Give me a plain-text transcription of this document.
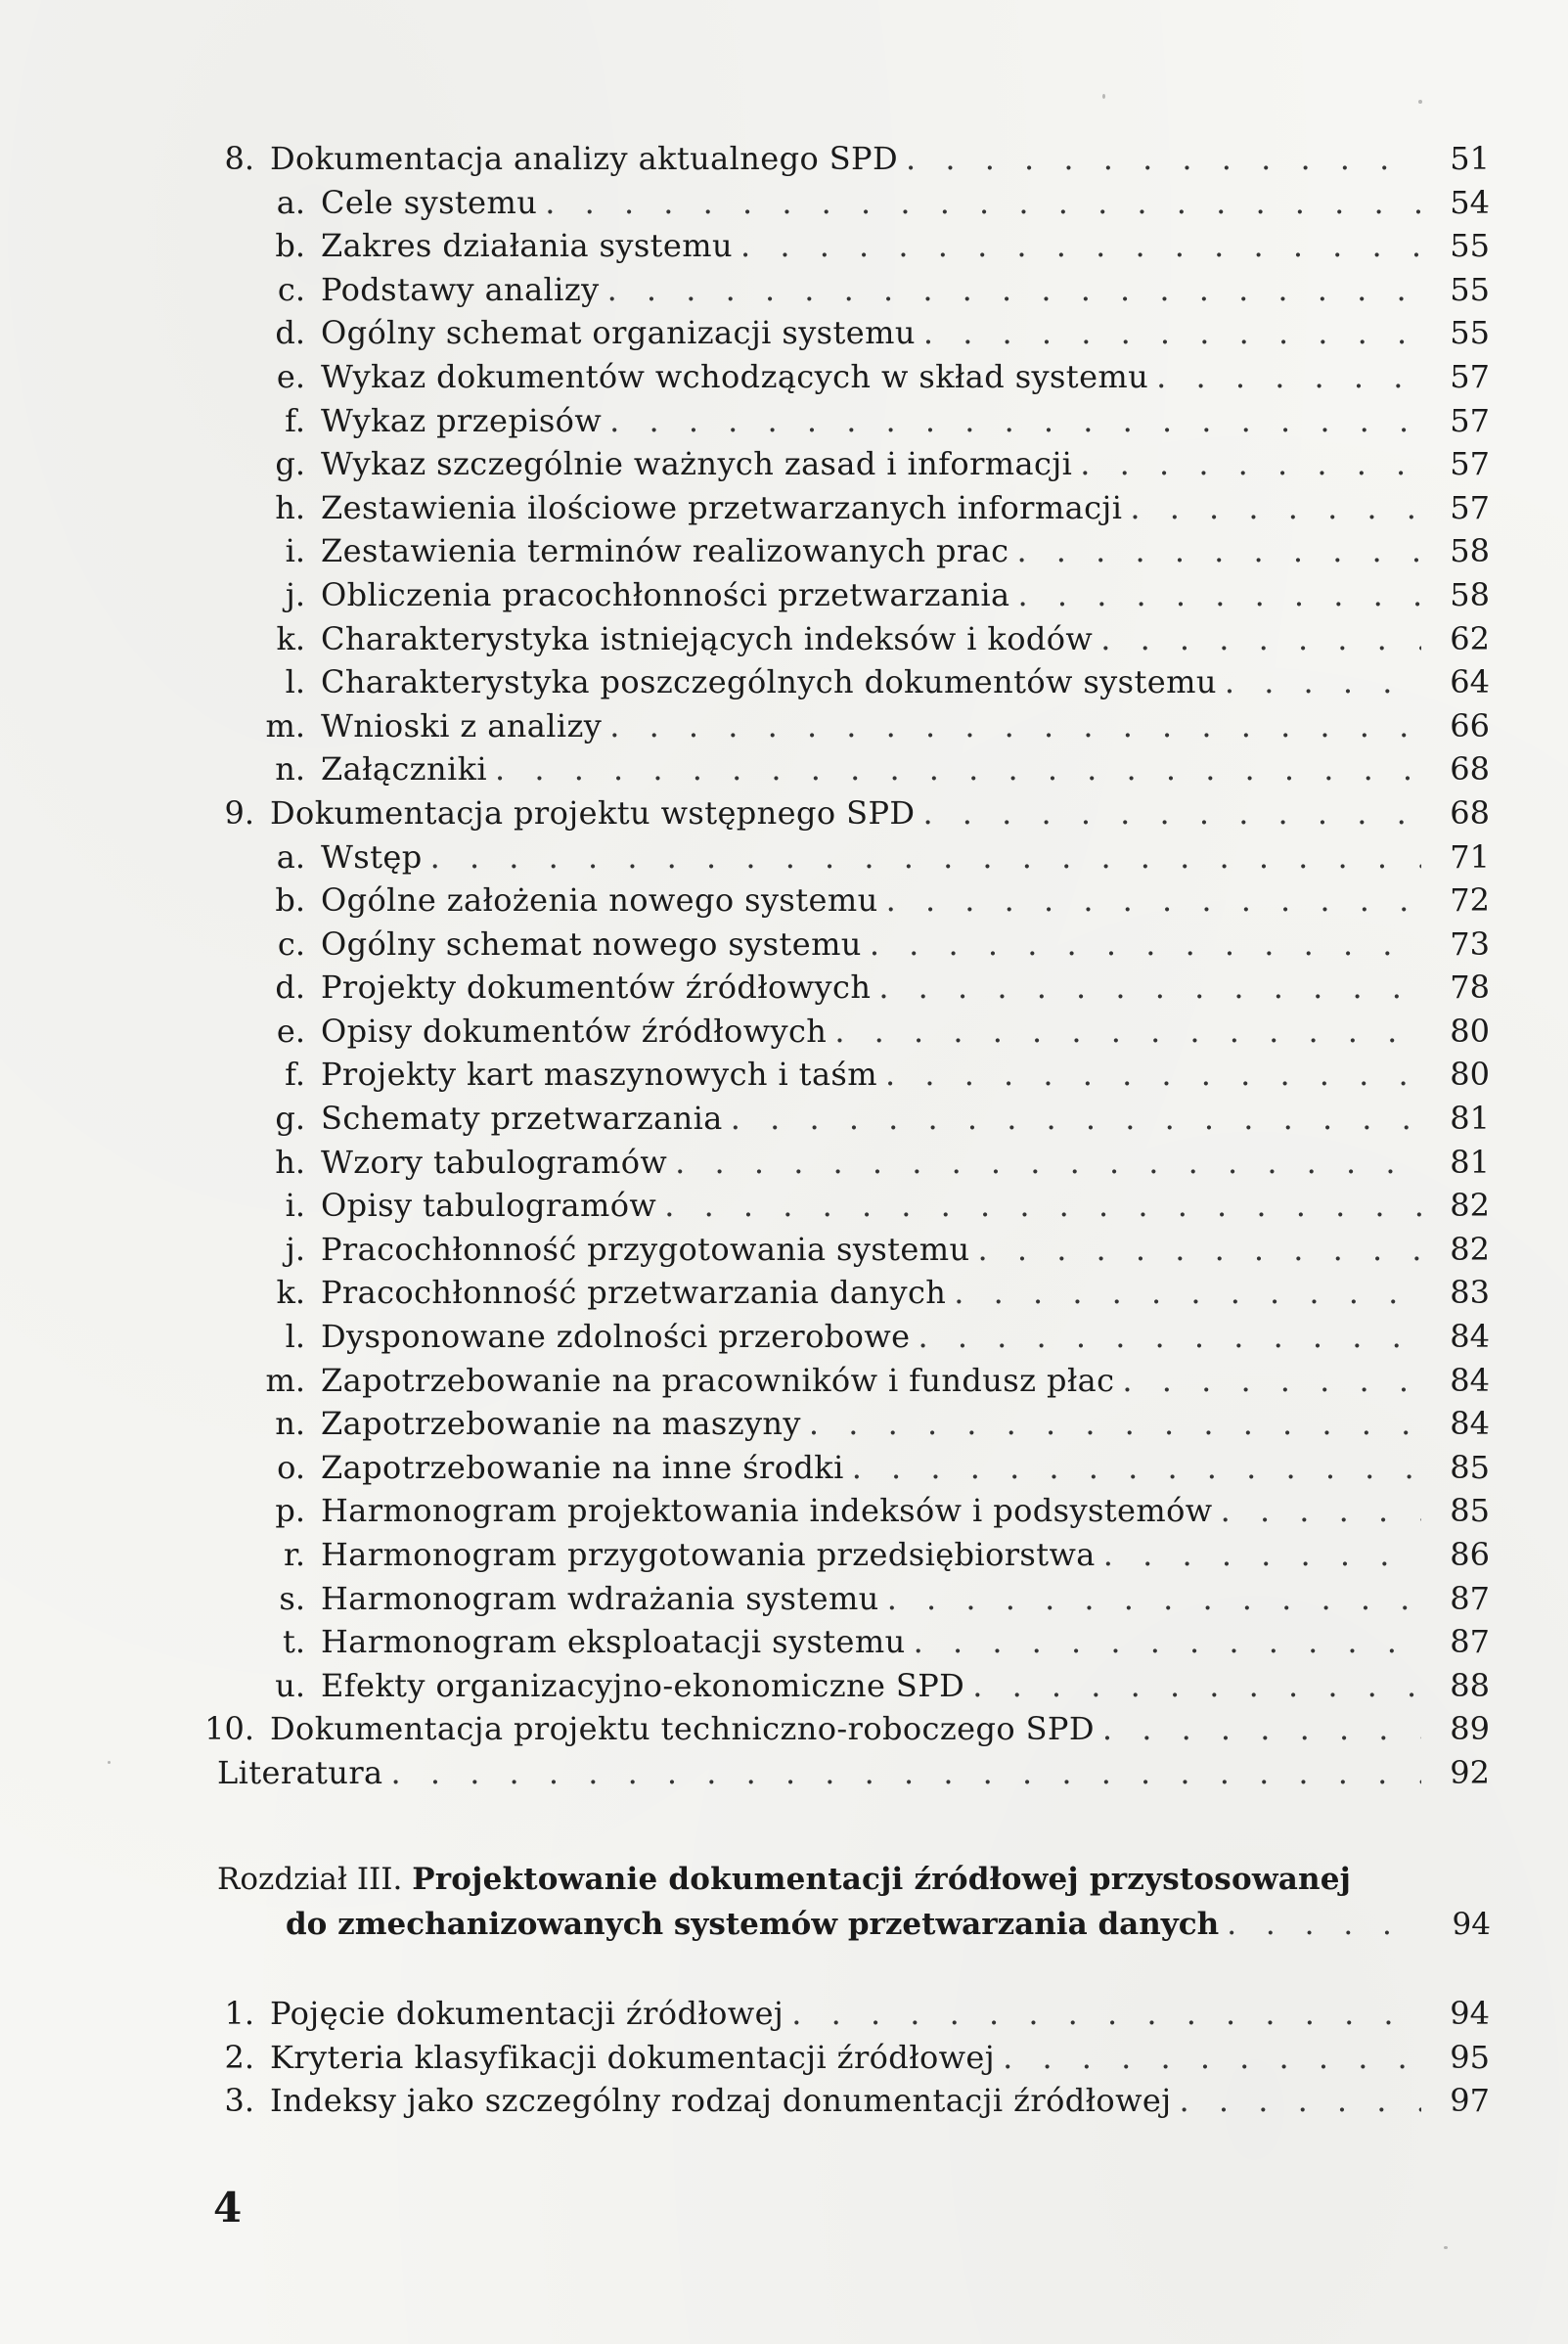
8. Dokumentacja analizy aktualnego SPD . . .	51
a. Cele systemu . . .	54
b. Zakres działania systemu . . .	55
c. Podstawy analizy . . .	55
d. Ogólny schemat organizacji systemu . . .	55
e. Wykaz dokumentów wchodzących w skład systemu . . .	57
f. Wykaz przepisów . . .	57
g. Wykaz szczególnie ważnych zasad i informacji . . .	57
h. Zestawienia ilościowe przetwarzanych informacji . . .	57
i. Zestawienia terminów realizowanych prac . . .	58
j. Obliczenia pracochłonności przetwarzania . . .	58
k. Charakterystyka istniejących indeksów i kodów . . .	62
l. Charakterystyka poszczególnych dokumentów systemu . . .	64
m. Wnioski z analizy . . .	66
n. Załączniki . . .	68
9. Dokumentacja projektu wstępnego SPD . . .	68
a. Wstęp . . .	71
b. Ogólne założenia nowego systemu . . .	72
c. Ogólny schemat nowego systemu . . .	73
d. Projekty dokumentów źródłowych . . .	78
e. Opisy dokumentów źródłowych . . .	80
f. Projekty kart maszynowych i taśm . . .	80
g. Schematy przetwarzania . . .	81
h. Wzory tabulogramów . . .	81
i. Opisy tabulogramów . . .	82
j. Pracochłonność przygotowania systemu . . .	82
k. Pracochłonność przetwarzania danych . . .	83
l. Dysponowane zdolności przerobowe . . .	84
m. Zapotrzebowanie na pracowników i fundusz płac . . .	84
n. Zapotrzebowanie na maszyny . . .	84
o. Zapotrzebowanie na inne środki . . .	85
p. Harmonogram projektowania indeksów i podsystemów . . .	85
r. Harmonogram przygotowania przedsiębiorstwa . . .	86
s. Harmonogram wdrażania systemu . . .	87
t. Harmonogram eksploatacji systemu . . .	87
u. Efekty organizacyjno-ekonomiczne SPD . . .	88
10. Dokumentacja projektu techniczno-roboczego SPD . . .	89
Literatura . . .	92
Rozdział III. Projektowanie dokumentacji źródłowej przystosowanej
do zmechanizowanych systemów przetwarzania danych . . .	94
1. Pojęcie dokumentacji źródłowej . . .	94
2. Kryteria klasyfikacji dokumentacji źródłowej . . .	95
3. Indeksy jako szczególny rodzaj donumentacji źródłowej . . .	97
4
